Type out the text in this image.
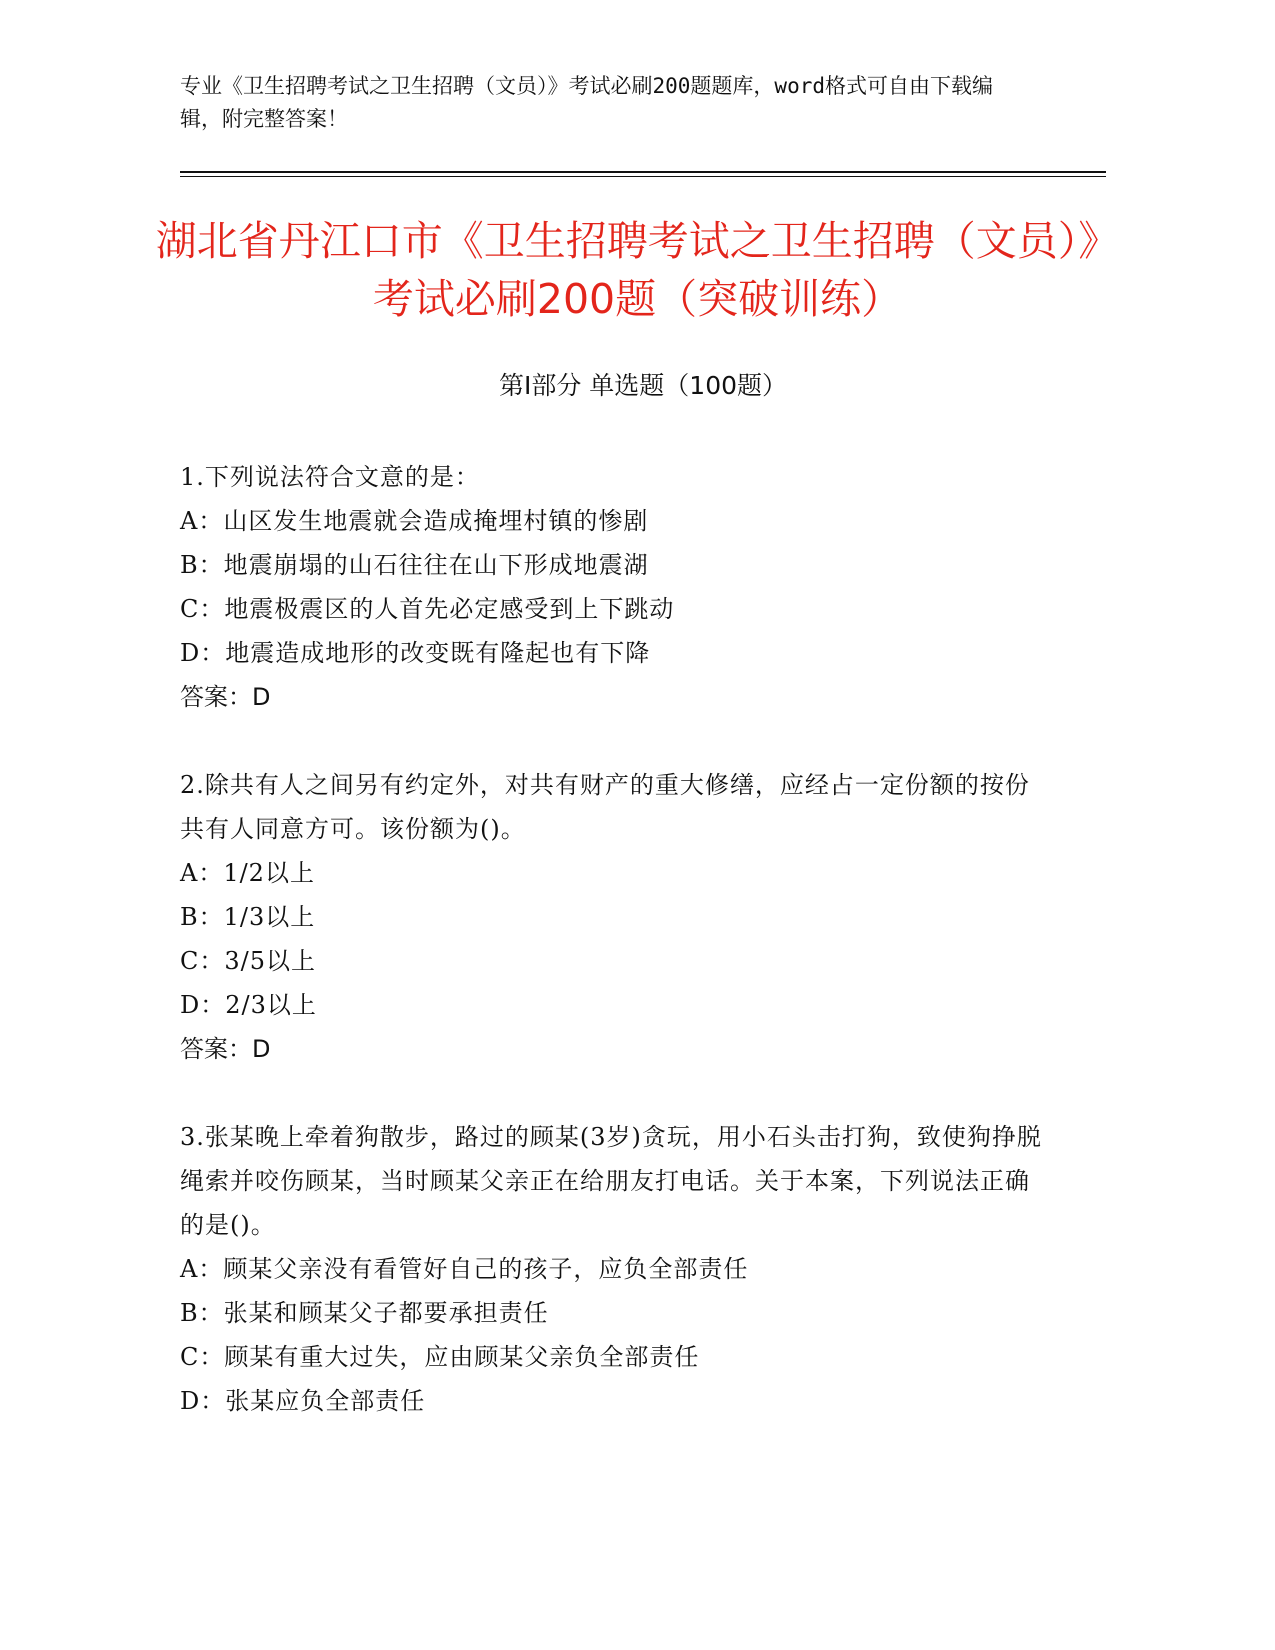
专业《卫生招聘考试之卫生招聘（文员）》考试必刷200题题库，word格式可自由下载编辑，附完整答案！
湖北省丹江口市《卫生招聘考试之卫生招聘（文员）》考试必刷200题（突破训练）
第Ⅰ部分 单选题（100题）
1.下列说法符合文意的是：
A：山区发生地震就会造成掩埋村镇的惨剧
B：地震崩塌的山石往往在山下形成地震湖
C：地震极震区的人首先必定感受到上下跳动
D：地震造成地形的改变既有隆起也有下降
答案：D
2.除共有人之间另有约定外，对共有财产的重大修缮，应经占一定份额的按份共有人同意方可。该份额为()。
A：1/2以上
B：1/3以上
C：3/5以上
D：2/3以上
答案：D
3.张某晚上牵着狗散步，路过的顾某(3岁)贪玩，用小石头击打狗，致使狗挣脱绳索并咬伤顾某，当时顾某父亲正在给朋友打电话。关于本案，下列说法正确的是()。
A：顾某父亲没有看管好自己的孩子，应负全部责任
B：张某和顾某父子都要承担责任
C：顾某有重大过失，应由顾某父亲负全部责任
D：张某应负全部责任
